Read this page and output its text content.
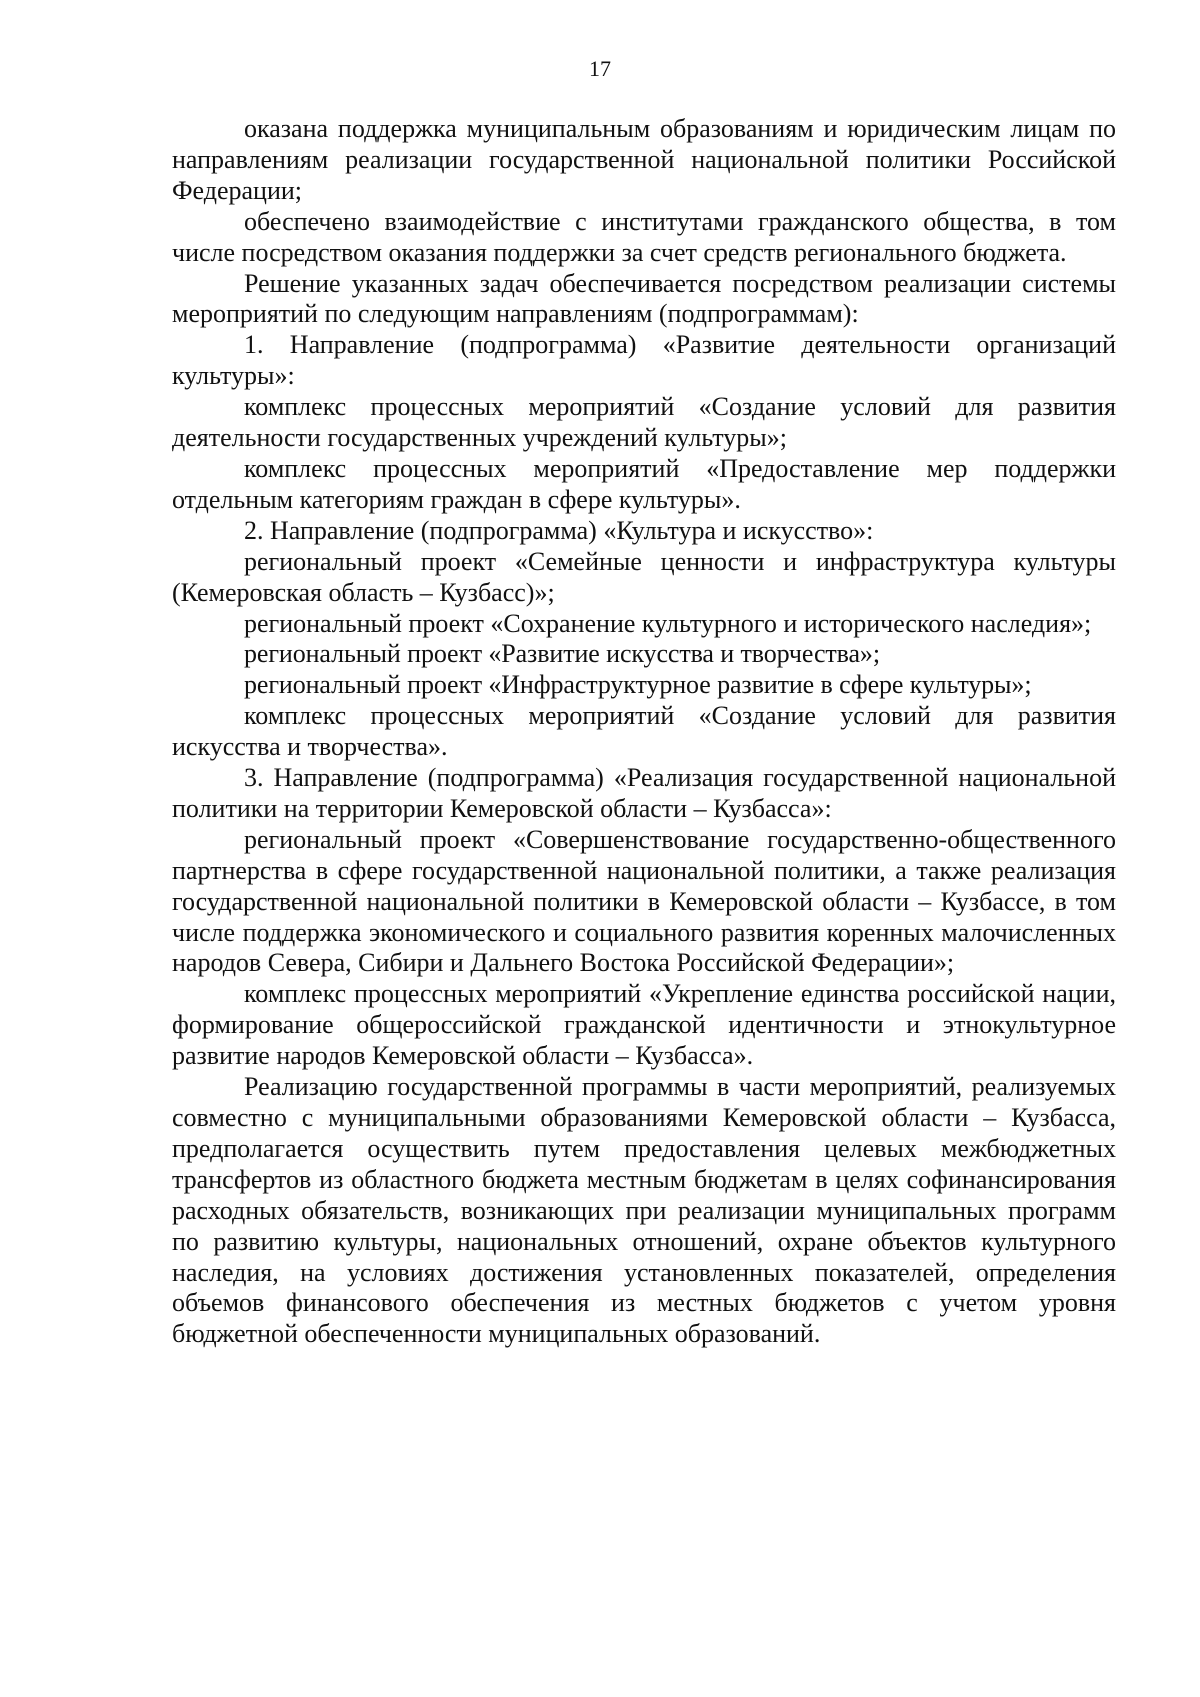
17

оказана поддержка муниципальным образованиям и юридическим лицам по направлениям реализации государственной национальной политики Российской Федерации;

обеспечено взаимодействие с институтами гражданского общества, в том числе посредством оказания поддержки за счет средств регионального бюджета.

Решение указанных задач обеспечивается посредством реализации системы мероприятий по следующим направлениям (подпрограммам):

1. Направление (подпрограмма) «Развитие деятельности организаций культуры»:

комплекс процессных мероприятий «Создание условий для развития деятельности государственных учреждений культуры»;

комплекс процессных мероприятий «Предоставление мер поддержки отдельным категориям граждан в сфере культуры».

2. Направление (подпрограмма) «Культура и искусство»:

региональный проект «Семейные ценности и инфраструктура культуры (Кемеровская область – Кузбасс)»;

региональный проект «Сохранение культурного и исторического наследия»;

региональный проект «Развитие искусства и творчества»;

региональный проект «Инфраструктурное развитие в сфере культуры»;

комплекс процессных мероприятий «Создание условий для развития искусства и творчества».

3. Направление (подпрограмма) «Реализация государственной национальной политики на территории Кемеровской области – Кузбасса»:

региональный проект «Совершенствование государственно-общественного партнерства в сфере государственной национальной политики, а также реализация государственной национальной политики в Кемеровской области – Кузбассе, в том числе поддержка экономического и социального развития коренных малочисленных народов Севера, Сибири и Дальнего Востока Российской Федерации»;

комплекс процессных мероприятий «Укрепление единства российской нации, формирование общероссийской гражданской идентичности и этнокультурное развитие народов Кемеровской области – Кузбасса».

Реализацию государственной программы в части мероприятий, реализуемых совместно с муниципальными образованиями Кемеровской области – Кузбасса, предполагается осуществить путем предоставления целевых межбюджетных трансфертов из областного бюджета местным бюджетам в целях софинансирования расходных обязательств, возникающих при реализации муниципальных программ по развитию культуры, национальных отношений, охране объектов культурного наследия, на условиях достижения установленных показателей, определения объемов финансового обеспечения из местных бюджетов с учетом уровня бюджетной обеспеченности муниципальных образований.
